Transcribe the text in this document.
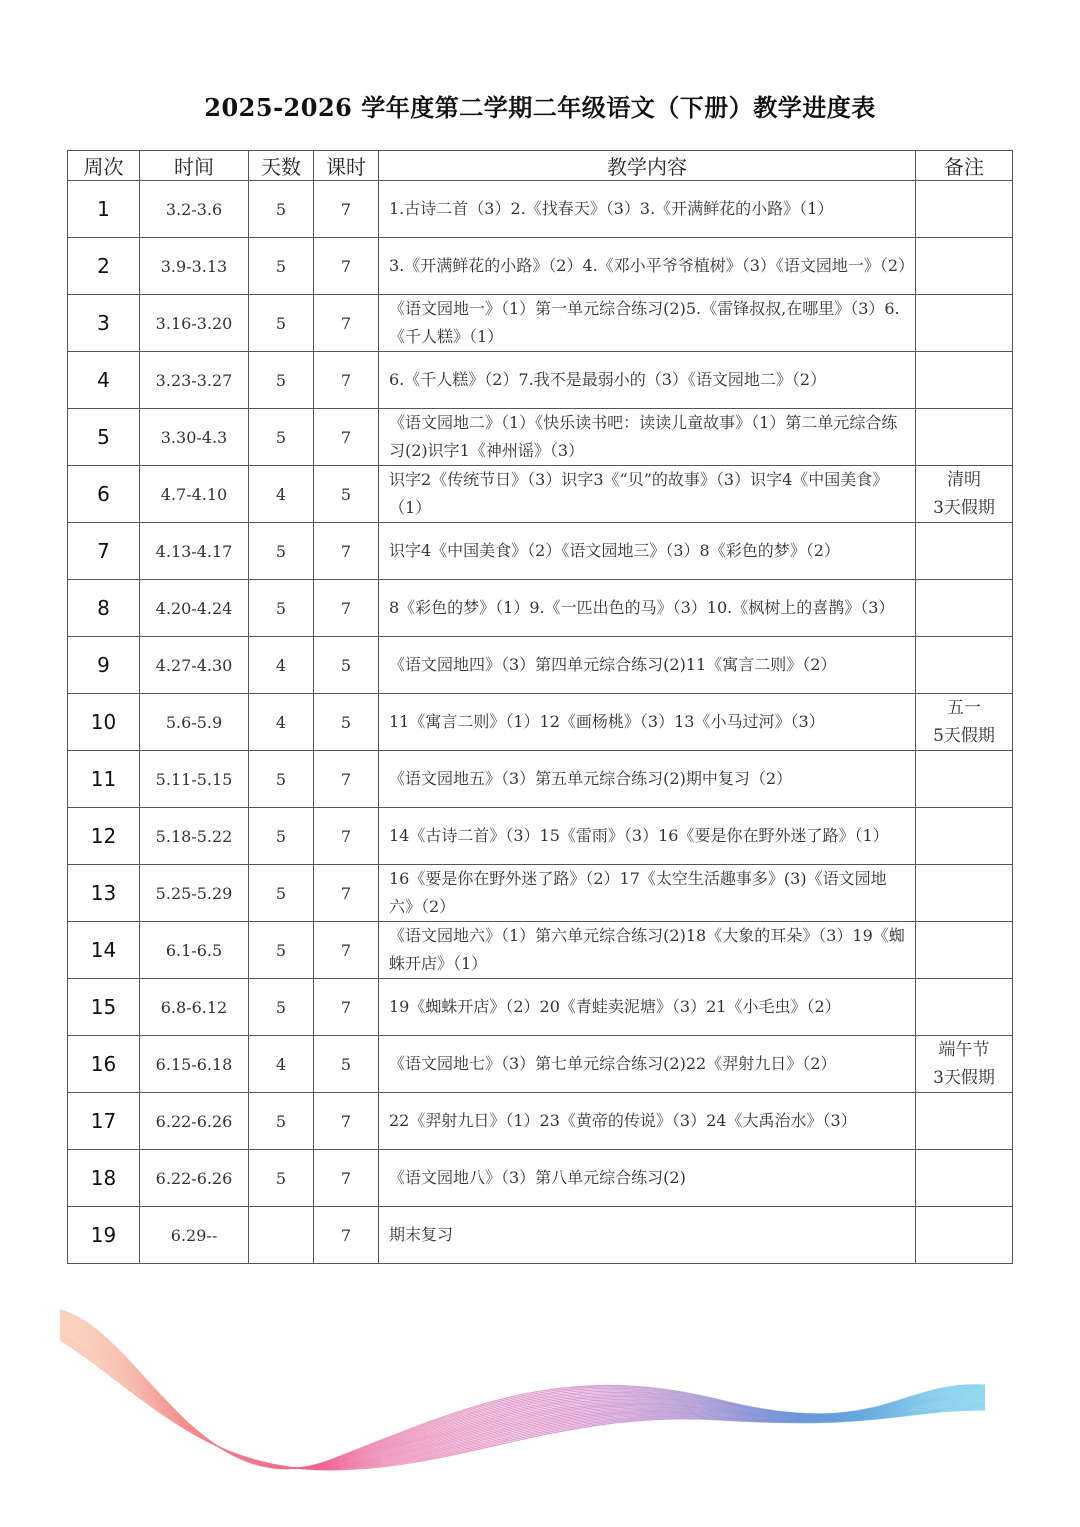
2025-2026 学年度第二学期二年级语文（下册）教学进度表
周次	时间	天数	课时	教学内容	备注
1	3.2-3.6	5	7	1.古诗二首（3）2.《找春天》（3）3.《开满鲜花的小路》（1）	

2	3.9-3.13	5	7	3.《开满鲜花的小路》（2）4.《邓小平爷爷植树》（3）《语文园地一》（2）	

3	3.16-3.20	5	7	《语文园地一》（1）第一单元综合练习(2)5.《雷锋叔叔,在哪里》（3）6.《千人糕》（1）	

4	3.23-3.27	5	7	6.《千人糕》（2）7.我不是最弱小的（3）《语文园地二》（2）	

5	3.30-4.3	5	7	《语文园地二》（1）《快乐读书吧：读读儿童故事》（1）第二单元综合练习(2)识字1《神州谣》（3）	

6	4.7-4.10	4	5	识字2《传统节日》（3）识字3《“贝”的故事》（3）识字4《中国美食》（1）	清明
3天假期

7	4.13-4.17	5	7	识字4《中国美食》（2）《语文园地三》（3）8《彩色的梦》（2）	

8	4.20-4.24	5	7	8《彩色的梦》（1）9.《一匹出色的马》（3）10.《枫树上的喜鹊》（3）	

9	4.27-4.30	4	5	《语文园地四》（3）第四单元综合练习(2)11《寓言二则》（2）	

10	5.6-5.9	4	5	11《寓言二则》（1）12《画杨桃》（3）13《小马过河》（3）	五一
5天假期

11	5.11-5.15	5	7	《语文园地五》（3）第五单元综合练习(2)期中复习（2）	

12	5.18-5.22	5	7	14《古诗二首》（3）15《雷雨》（3）16《要是你在野外迷了路》（1）	

13	5.25-5.29	5	7	16《要是你在野外迷了路》（2）17《太空生活趣事多》(3)《语文园地六》（2）	

14	6.1-6.5	5	7	《语文园地六》（1）第六单元综合练习(2)18《大象的耳朵》（3）19《蜘蛛开店》（1）	

15	6.8-6.12	5	7	19《蜘蛛开店》（2）20《青蛙卖泥塘》（3）21《小毛虫》（2）	

16	6.15-6.18	4	5	《语文园地七》（3）第七单元综合练习(2)22《羿射九日》（2）	端午节
3天假期

17	6.22-6.26	5	7	22《羿射九日》（1）23《黄帝的传说》（3）24《大禹治水》（3）	

18	6.22-6.26	5	7	《语文园地八》（3）第八单元综合练习(2)	

19	6.29--		7	期末复习	
